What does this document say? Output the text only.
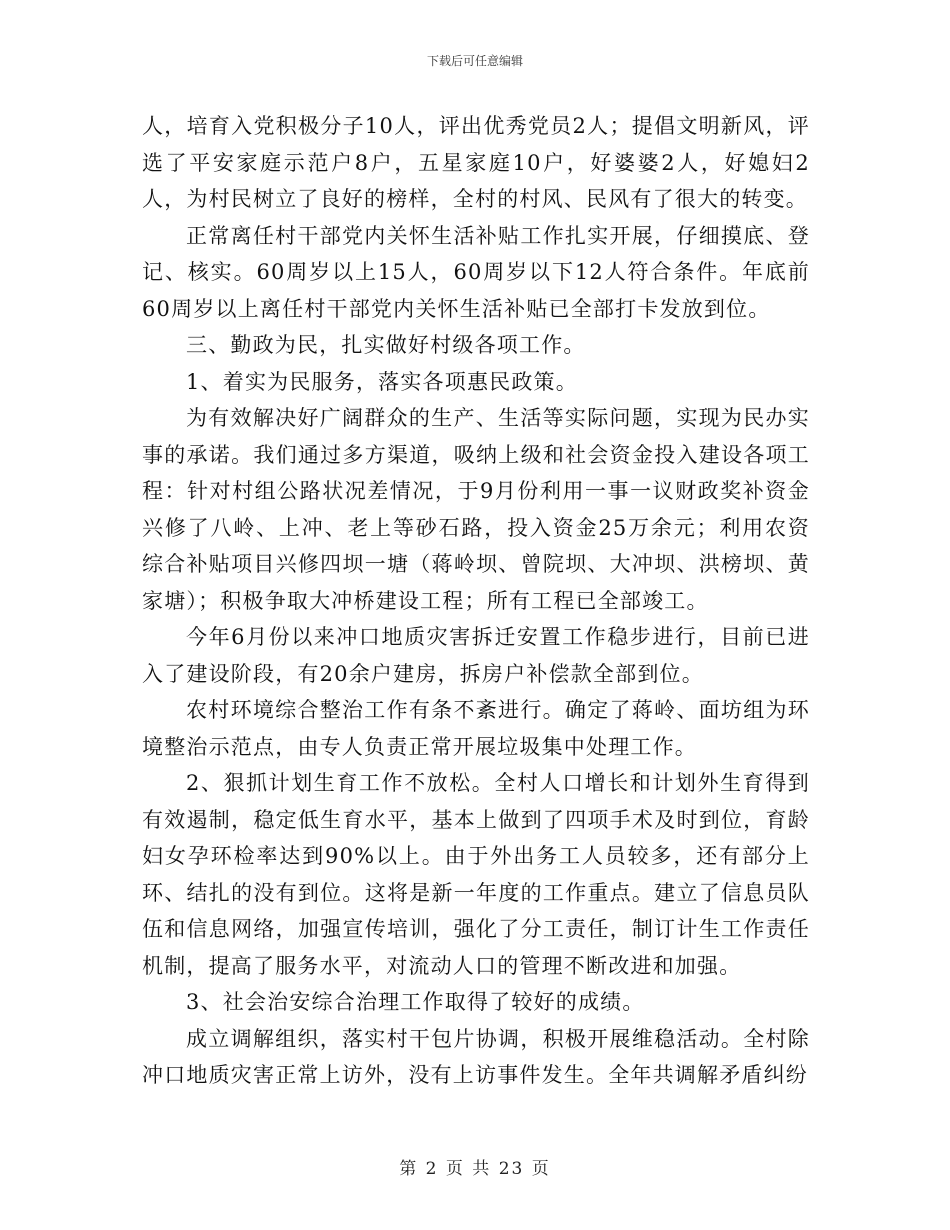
下载后可任意编辑

人，培育入党积极分子10人，评出优秀党员2人；提倡文明新风，评选了平安家庭示范户8户，五星家庭10户，好婆婆2人，好媳妇2人，为村民树立了良好的榜样，全村的村风、民风有了很大的转变。

正常离任村干部党内关怀生活补贴工作扎实开展，仔细摸底、登记、核实。60周岁以上15人，60周岁以下12人符合条件。年底前60周岁以上离任村干部党内关怀生活补贴已全部打卡发放到位。

三、勤政为民，扎实做好村级各项工作。

1、着实为民服务，落实各项惠民政策。

为有效解决好广阔群众的生产、生活等实际问题，实现为民办实事的承诺。我们通过多方渠道，吸纳上级和社会资金投入建设各项工程：针对村组公路状况差情况，于9月份利用一事一议财政奖补资金兴修了八岭、上冲、老上等砂石路，投入资金25万余元；利用农资综合补贴项目兴修四坝一塘（蒋岭坝、曾院坝、大冲坝、洪榜坝、黄家塘）；积极争取大冲桥建设工程；所有工程已全部竣工。

今年6月份以来冲口地质灾害拆迁安置工作稳步进行，目前已进入了建设阶段，有20余户建房，拆房户补偿款全部到位。

农村环境综合整治工作有条不紊进行。确定了蒋岭、面坊组为环境整治示范点，由专人负责正常开展垃圾集中处理工作。

2、狠抓计划生育工作不放松。全村人口增长和计划外生育得到有效遏制，稳定低生育水平，基本上做到了四项手术及时到位，育龄妇女孕环检率达到90%以上。由于外出务工人员较多，还有部分上环、结扎的没有到位。这将是新一年度的工作重点。建立了信息员队伍和信息网络，加强宣传培训，强化了分工责任，制订计生工作责任机制，提高了服务水平，对流动人口的管理不断改进和加强。

3、社会治安综合治理工作取得了较好的成绩。

成立调解组织，落实村干包片协调，积极开展维稳活动。全村除冲口地质灾害正常上访外，没有上访事件发生。全年共调解矛盾纠纷

第 2 页 共 23 页
